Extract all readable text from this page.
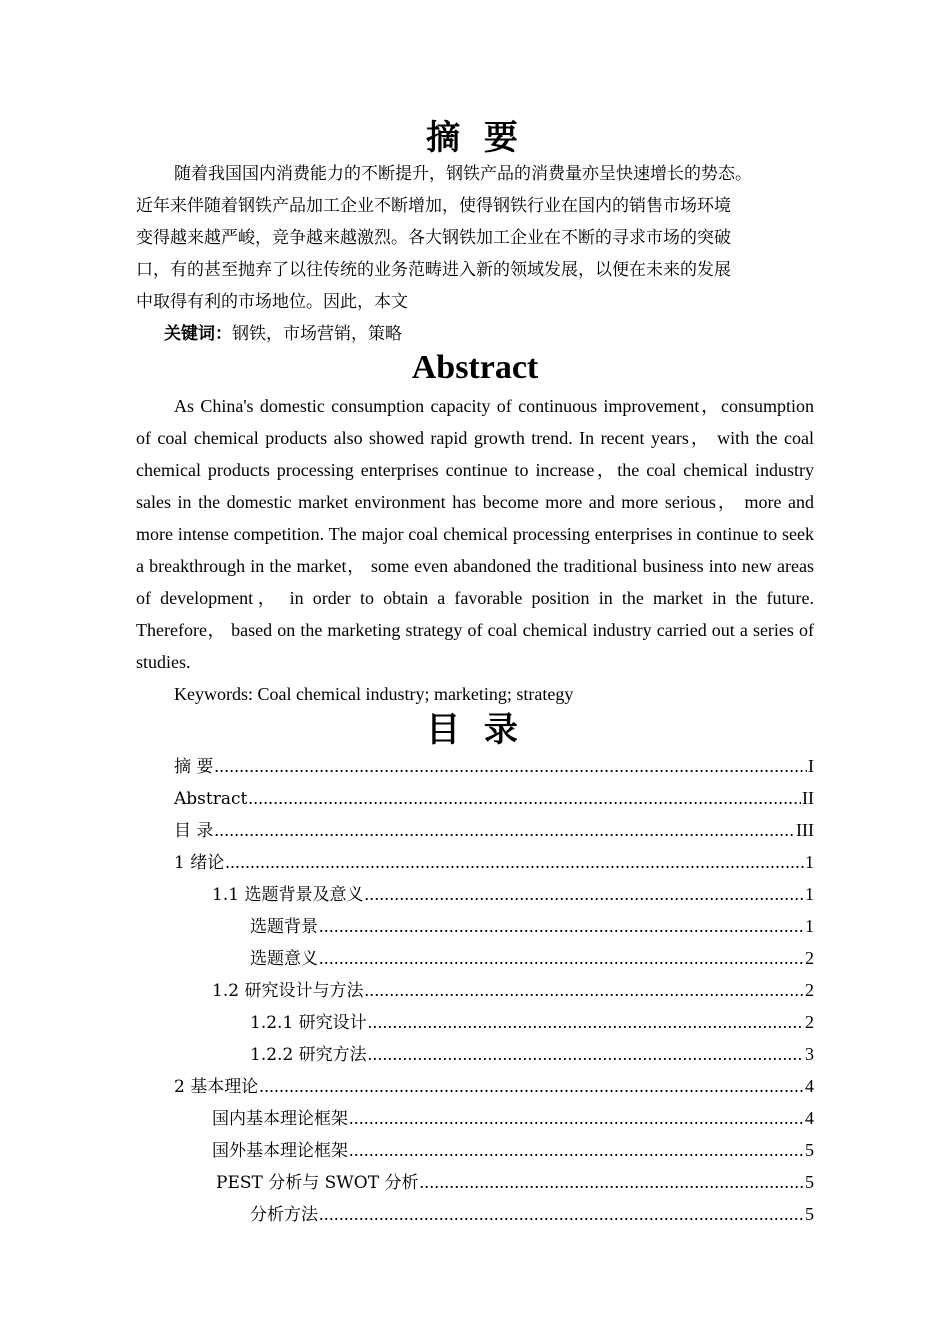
摘 要
随着我国国内消费能力的不断提升，钢铁产品的消费量亦呈快速增长的势态。
近年来伴随着钢铁产品加工企业不断增加，使得钢铁行业在国内的销售市场环境
变得越来越严峻，竞争越来越激烈。各大钢铁加工企业在不断的寻求市场的突破
口，有的甚至抛弃了以往传统的业务范畴进入新的领域发展，以便在未来的发展
中取得有利的市场地位。因此，本文
关键词：钢铁，市场营销，策略
Abstract

As China's domestic consumption capacity of continuous improvement，consumption of coal chemical products also showed rapid growth trend. In recent years， with the coal chemical products processing enterprises continue to increase，the coal chemical industry sales in the domestic market environment has become more and more serious， more and more intense competition. The major coal chemical processing enterprises in continue to seek a breakthrough in the market， some even abandoned the traditional business into new areas of development， in order to obtain a favorable position in the market in the future. Therefore， based on the marketing strategy of coal chemical industry carried out a series of studies.

Keywords: Coal chemical industry; marketing; strategy
目 录
摘 要 .....	I
Abstract .....	II
目 录 .....	III
1 绪论 .....	1
1.1 选题背景及意义 .....	1
选题背景 .....	1
选题意义 .....	2
1.2 研究设计与方法 .....	2
1.2.1 研究设计 .....	2
1.2.2 研究方法 .....	3
2 基本理论 .....	4
国内基本理论框架 .....	4
国外基本理论框架 .....	5
PEST 分析与 SWOT 分析 .....	5
分析方法 .....	5
